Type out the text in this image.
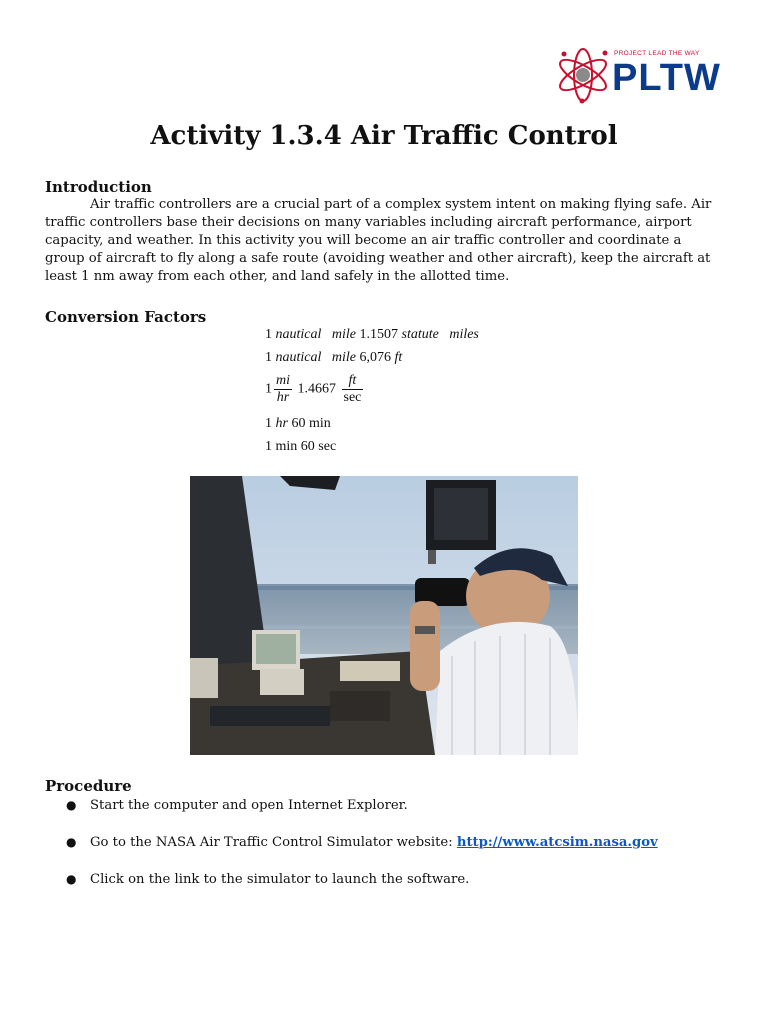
PROJECT LEAD THE WAY
PLTW
Activity 1.3.4 Air Traffic Control
Introduction

Air traffic controllers are a crucial part of a complex system intent on making flying safe. Air traffic controllers base their decisions on many variables including aircraft performance, airport capacity, and weather. In this activity you will become an air traffic controller and coordinate a group of aircraft to fly along a safe route (avoiding weather and other aircraft), keep the aircraft at least 1 nm away from each other, and land safely in the allotted time.

Conversion Factors
1 nautical   mile 1.1507 statute   miles
1 nautical   mile 6,076 ft
$1 \frac{mi}{hr} 1.4667 \frac{ft}{\sec}$
1 hr 60 min
1 min 60 sec
Procedure
● Start the computer and open Internet Explorer.
● Go to the NASA Air Traffic Control Simulator website: http://www.atcsim.nasa.gov
● Click on the link to the simulator to launch the software.
